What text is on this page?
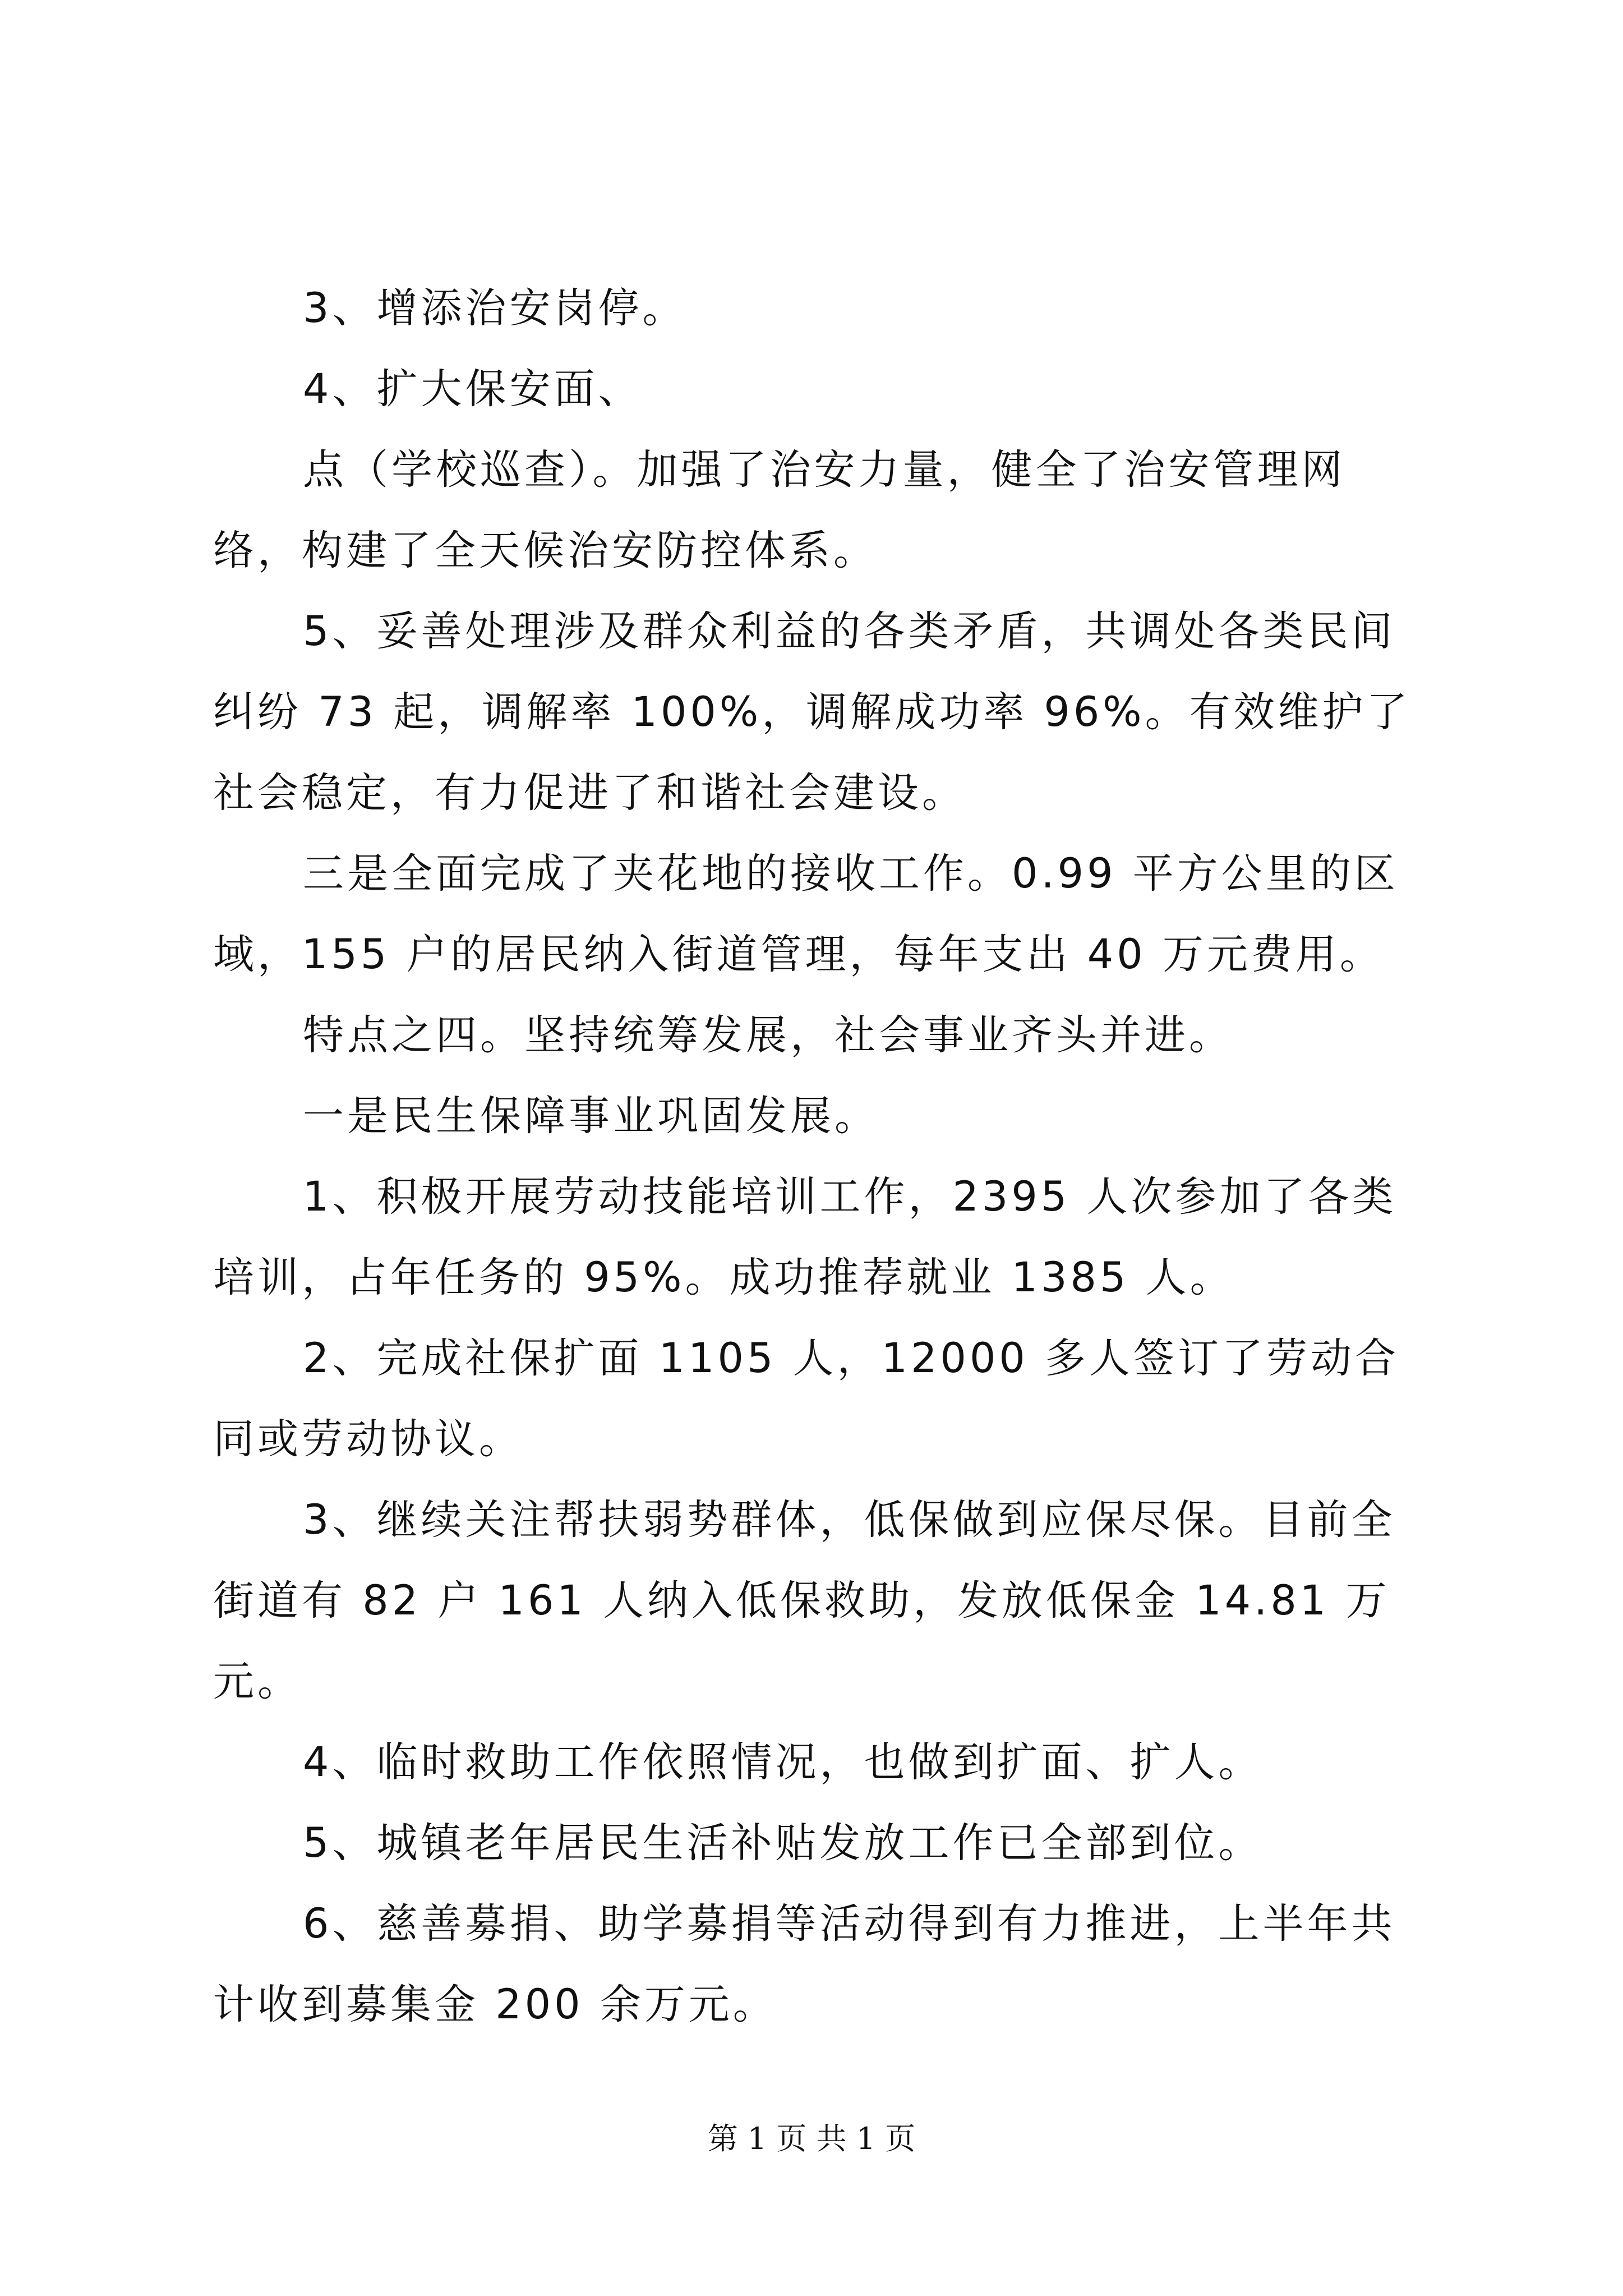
3、增添治安岗停。

4、扩大保安面、

点（学校巡查）。加强了治安力量，健全了治安管理网络，构建了全天候治安防控体系。

5、妥善处理涉及群众利益的各类矛盾，共调处各类民间纠纷 73 起，调解率 100%，调解成功率 96%。有效维护了社会稳定，有力促进了和谐社会建设。

三是全面完成了夹花地的接收工作。0.99 平方公里的区域，155 户的居民纳入街道管理，每年支出 40 万元费用。

特点之四。坚持统筹发展，社会事业齐头并进。

一是民生保障事业巩固发展。

1、积极开展劳动技能培训工作，2395 人次参加了各类培训，占年任务的 95%。成功推荐就业 1385 人。

2、完成社保扩面 1105 人，12000 多人签订了劳动合同或劳动协议。

3、继续关注帮扶弱势群体，低保做到应保尽保。目前全街道有 82 户 161 人纳入低保救助，发放低保金 14.81 万元。

4、临时救助工作依照情况，也做到扩面、扩人。

5、城镇老年居民生活补贴发放工作已全部到位。

6、慈善募捐、助学募捐等活动得到有力推进，上半年共计收到募集金 200 余万元。

第 1 页 共 1 页
